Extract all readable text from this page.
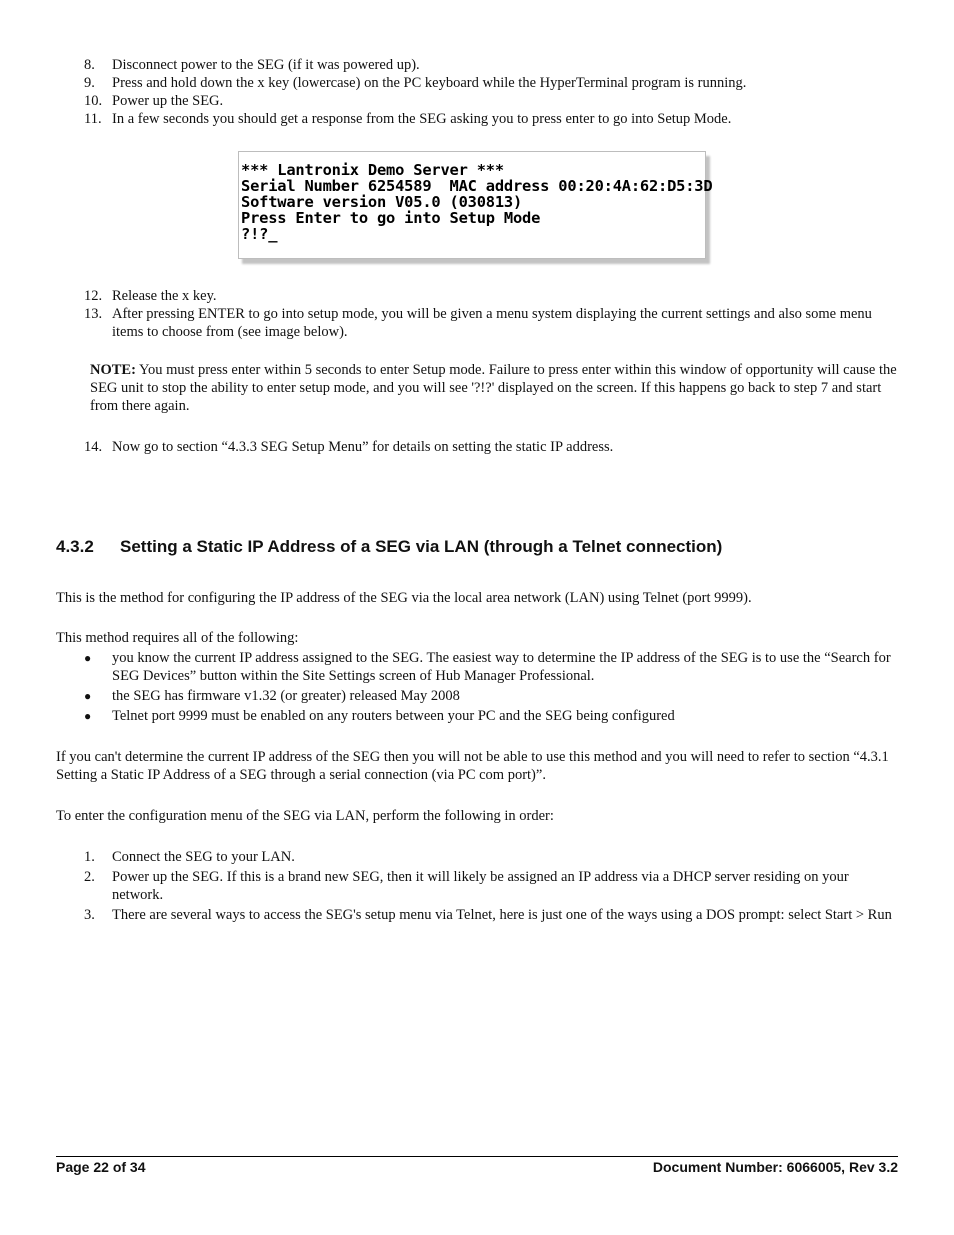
8.	Disconnect power to the SEG (if it was powered up).
9.	Press and hold down the x key (lowercase) on the PC keyboard while the HyperTerminal program is running.
10. Power up the SEG.
11. In a few seconds you should get a response from the SEG asking you to press enter to go into Setup Mode.
*** Lantronix Demo Server ***
Serial Number 6254589  MAC address 00:20:4A:62:D5:3D
Software version V05.0 (030813)
Press Enter to go into Setup Mode
?!?_
12. Release the x key.
13. After pressing ENTER to go into setup mode, you will be given a menu system displaying the current settings and also some menu items to choose from (see image below).
NOTE: You must press enter within 5 seconds to enter Setup mode. Failure to press enter within this window of opportunity will cause the SEG unit to stop the ability to enter setup mode, and you will see '?!?' displayed on the screen. If this happens go back to step 7 and start from there again.
14. Now go to section “4.3.3 SEG Setup Menu” for details on setting the static IP address.
4.3.2	Setting a Static IP Address of a SEG via LAN (through a Telnet connection)
This is the method for configuring the IP address of the SEG via the local area network (LAN) using Telnet (port 9999).
This method requires all of the following:
●	you know the current IP address assigned to the SEG. The easiest way to determine the IP address of the SEG is to use the “Search for SEG Devices” button within the Site Settings screen of Hub Manager Professional.
●	the SEG has firmware v1.32 (or greater) released May 2008
●	Telnet port 9999 must be enabled on any routers between your PC and the SEG being configured
If you can't determine the current IP address of the SEG then you will not be able to use this method and you will need to refer to section “4.3.1 Setting a Static IP Address of a SEG through a serial connection (via PC com port)”.
To enter the configuration menu of the SEG via LAN, perform the following in order:
1.	Connect the SEG to your LAN.
2.	Power up the SEG. If this is a brand new SEG, then it will likely be assigned an IP address via a DHCP server residing on your network.
3.	There are several ways to access the SEG's setup menu via Telnet, here is just one of the ways using a DOS prompt: select Start > Run
Page 22 of 34	Document Number: 6066005, Rev 3.2
